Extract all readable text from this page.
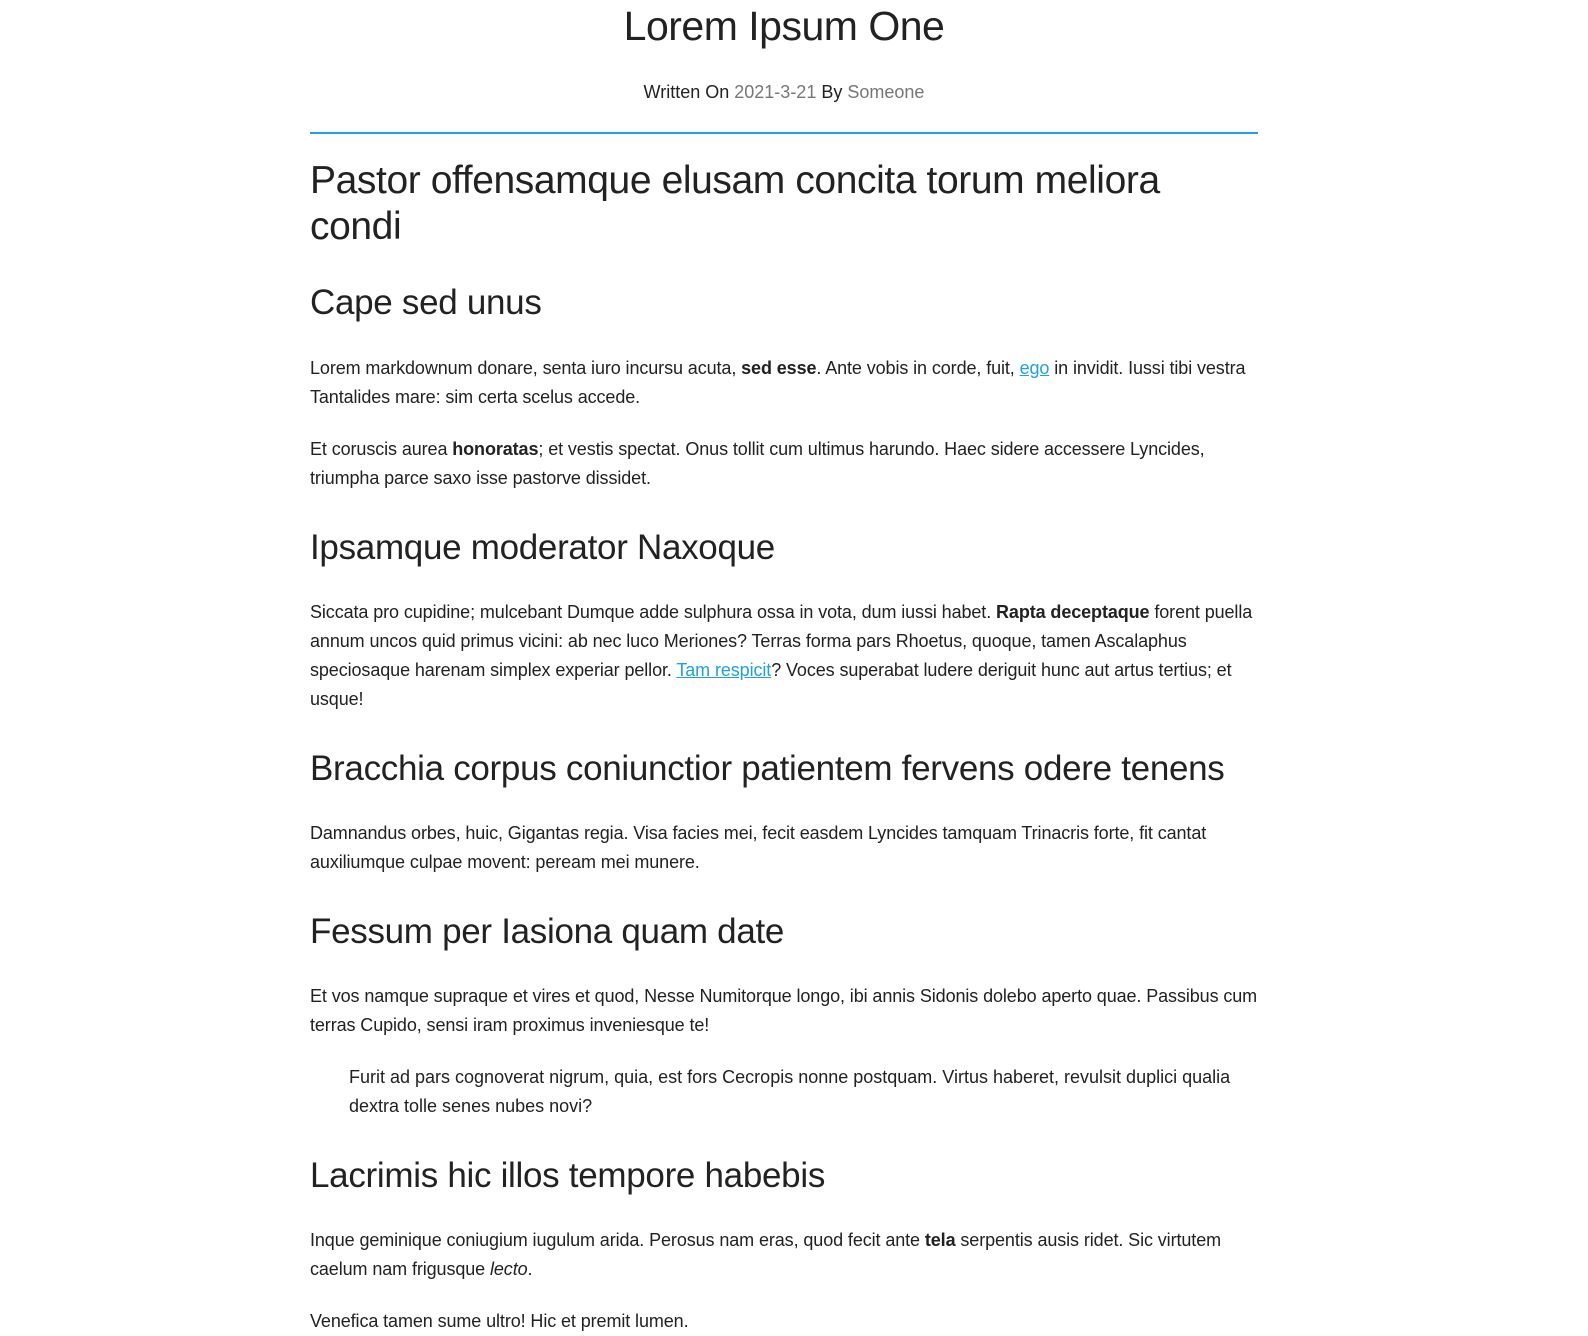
Lorem Ipsum One
Written On 2021-3-21 By Someone
Pastor offensamque elusam concita torum meliora condi
Cape sed unus

Lorem markdownum donare, senta iuro incursu acuta, sed esse. Ante vobis in corde, fuit, ego in invidit. Iussi tibi vestra Tantalides mare: sim certa scelus accede.

Et coruscis aurea honoratas; et vestis spectat. Onus tollit cum ultimus harundo. Haec sidere accessere Lyncides, triumpha parce saxo isse pastorve dissidet.

Ipsamque moderator Naxoque

Siccata pro cupidine; mulcebant Dumque adde sulphura ossa in vota, dum iussi habet. Rapta deceptaque forent puella annum uncos quid primus vicini: ab nec luco Meriones? Terras forma pars Rhoetus, quoque, tamen Ascalaphus speciosaque harenam simplex experiar pellor. Tam respicit? Voces superabat ludere deriguit hunc aut artus tertius; et usque!

Bracchia corpus coniunctior patientem fervens odere tenens

Damnandus orbes, huic, Gigantas regia. Visa facies mei, fecit easdem Lyncides tamquam Trinacris forte, fit cantat auxiliumque culpae movent: peream mei munere.

Fessum per Iasiona quam date

Et vos namque supraque et vires et quod, Nesse Numitorque longo, ibi annis Sidonis dolebo aperto quae. Passibus cum terras Cupido, sensi iram proximus inveniesque te!

Furit ad pars cognoverat nigrum, quia, est fors Cecropis nonne postquam. Virtus haberet, revulsit duplici qualia dextra tolle senes nubes novi?
Lacrimis hic illos tempore habebis

Inque geminique coniugium iugulum arida. Perosus nam eras, quod fecit ante tela serpentis ausis ridet. Sic virtutem caelum nam frigusque lecto.

Venefica tamen sume ultro! Hic et premit lumen.
